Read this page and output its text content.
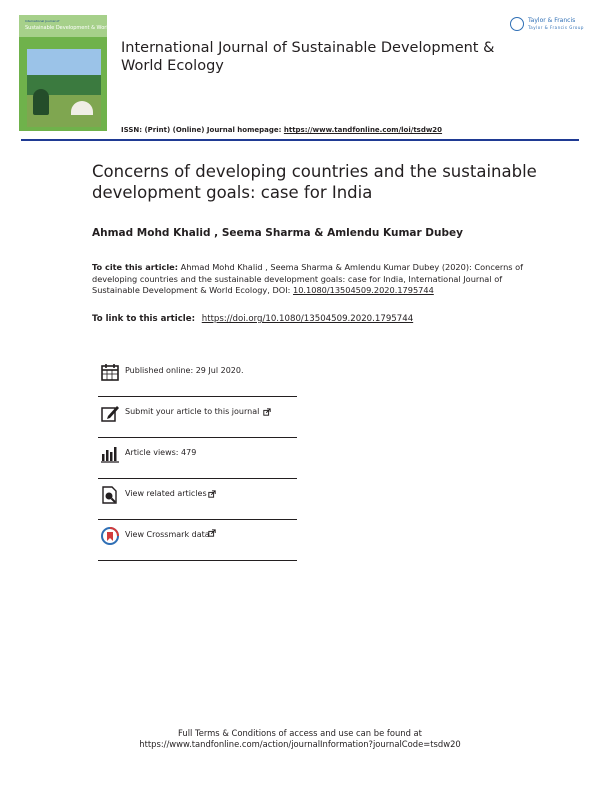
International Journal of
Sustainable Development & World Ecology
Taylor & Francis
Taylor & Francis Group
International Journal of Sustainable Development & World Ecology
ISSN: (Print) (Online) Journal homepage: https://www.tandfonline.com/loi/tsdw20
Concerns of developing countries and the sustainable development goals: case for India
Ahmad Mohd Khalid , Seema Sharma & Amlendu Kumar Dubey
To cite this article: Ahmad Mohd Khalid , Seema Sharma & Amlendu Kumar Dubey (2020): Concerns of developing countries and the sustainable development goals: case for India, International Journal of Sustainable Development & World Ecology, DOI: 10.1080/13504509.2020.1795744
To link to this article: https://doi.org/10.1080/13504509.2020.1795744
Published online: 29 Jul 2020.
Submit your article to this journal
Article views: 479
View related articles
View Crossmark data
Full Terms & Conditions of access and use can be found at
https://www.tandfonline.com/action/journalInformation?journalCode=tsdw20
